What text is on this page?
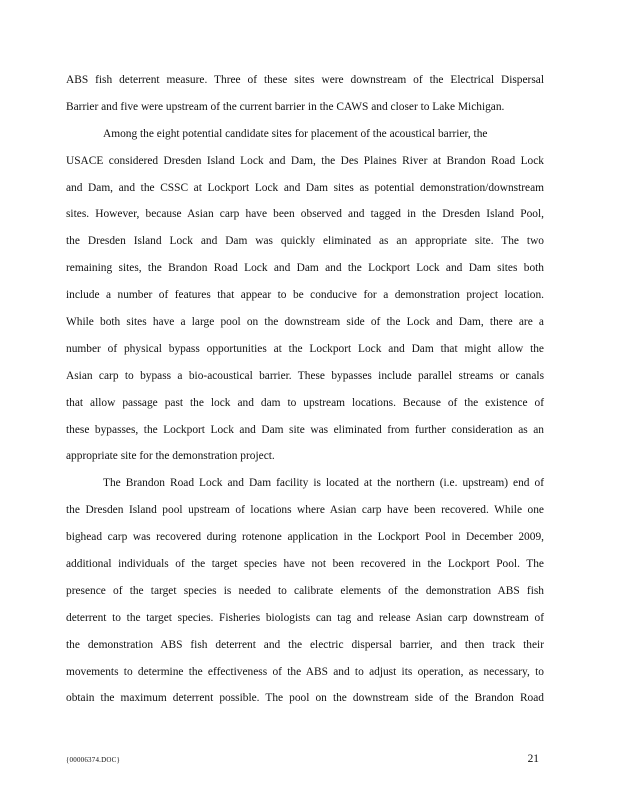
ABS fish deterrent measure. Three of these sites were downstream of the Electrical Dispersal
Barrier and five were upstream of the current barrier in the CAWS and closer to Lake Michigan.
Among the eight potential candidate sites for placement of the acoustical barrier, the
USACE considered Dresden Island Lock and Dam, the Des Plaines River at Brandon Road Lock
and Dam, and the CSSC at Lockport Lock and Dam sites as potential demonstration/downstream
sites. However, because Asian carp have been observed and tagged in the Dresden Island Pool,
the Dresden Island Lock and Dam was quickly eliminated as an appropriate site. The two
remaining sites, the Brandon Road Lock and Dam and the Lockport Lock and Dam sites both
include a number of features that appear to be conducive for a demonstration project location.
While both sites have a large pool on the downstream side of the Lock and Dam, there are a
number of physical bypass opportunities at the Lockport Lock and Dam that might allow the
Asian carp to bypass a bio-acoustical barrier. These bypasses include parallel streams or canals
that allow passage past the lock and dam to upstream locations. Because of the existence of
these bypasses, the Lockport Lock and Dam site was eliminated from further consideration as an
appropriate site for the demonstration project.
The Brandon Road Lock and Dam facility is located at the northern (i.e. upstream) end of
the Dresden Island pool upstream of locations where Asian carp have been recovered. While one
bighead carp was recovered during rotenone application in the Lockport Pool in December 2009,
additional individuals of the target species have not been recovered in the Lockport Pool. The
presence of the target species is needed to calibrate elements of the demonstration ABS fish
deterrent to the target species. Fisheries biologists can tag and release Asian carp downstream of
the demonstration ABS fish deterrent and the electric dispersal barrier, and then track their
movements to determine the effectiveness of the ABS and to adjust its operation, as necessary, to
obtain the maximum deterrent possible. The pool on the downstream side of the Brandon Road
{00006374.DOC}	21
